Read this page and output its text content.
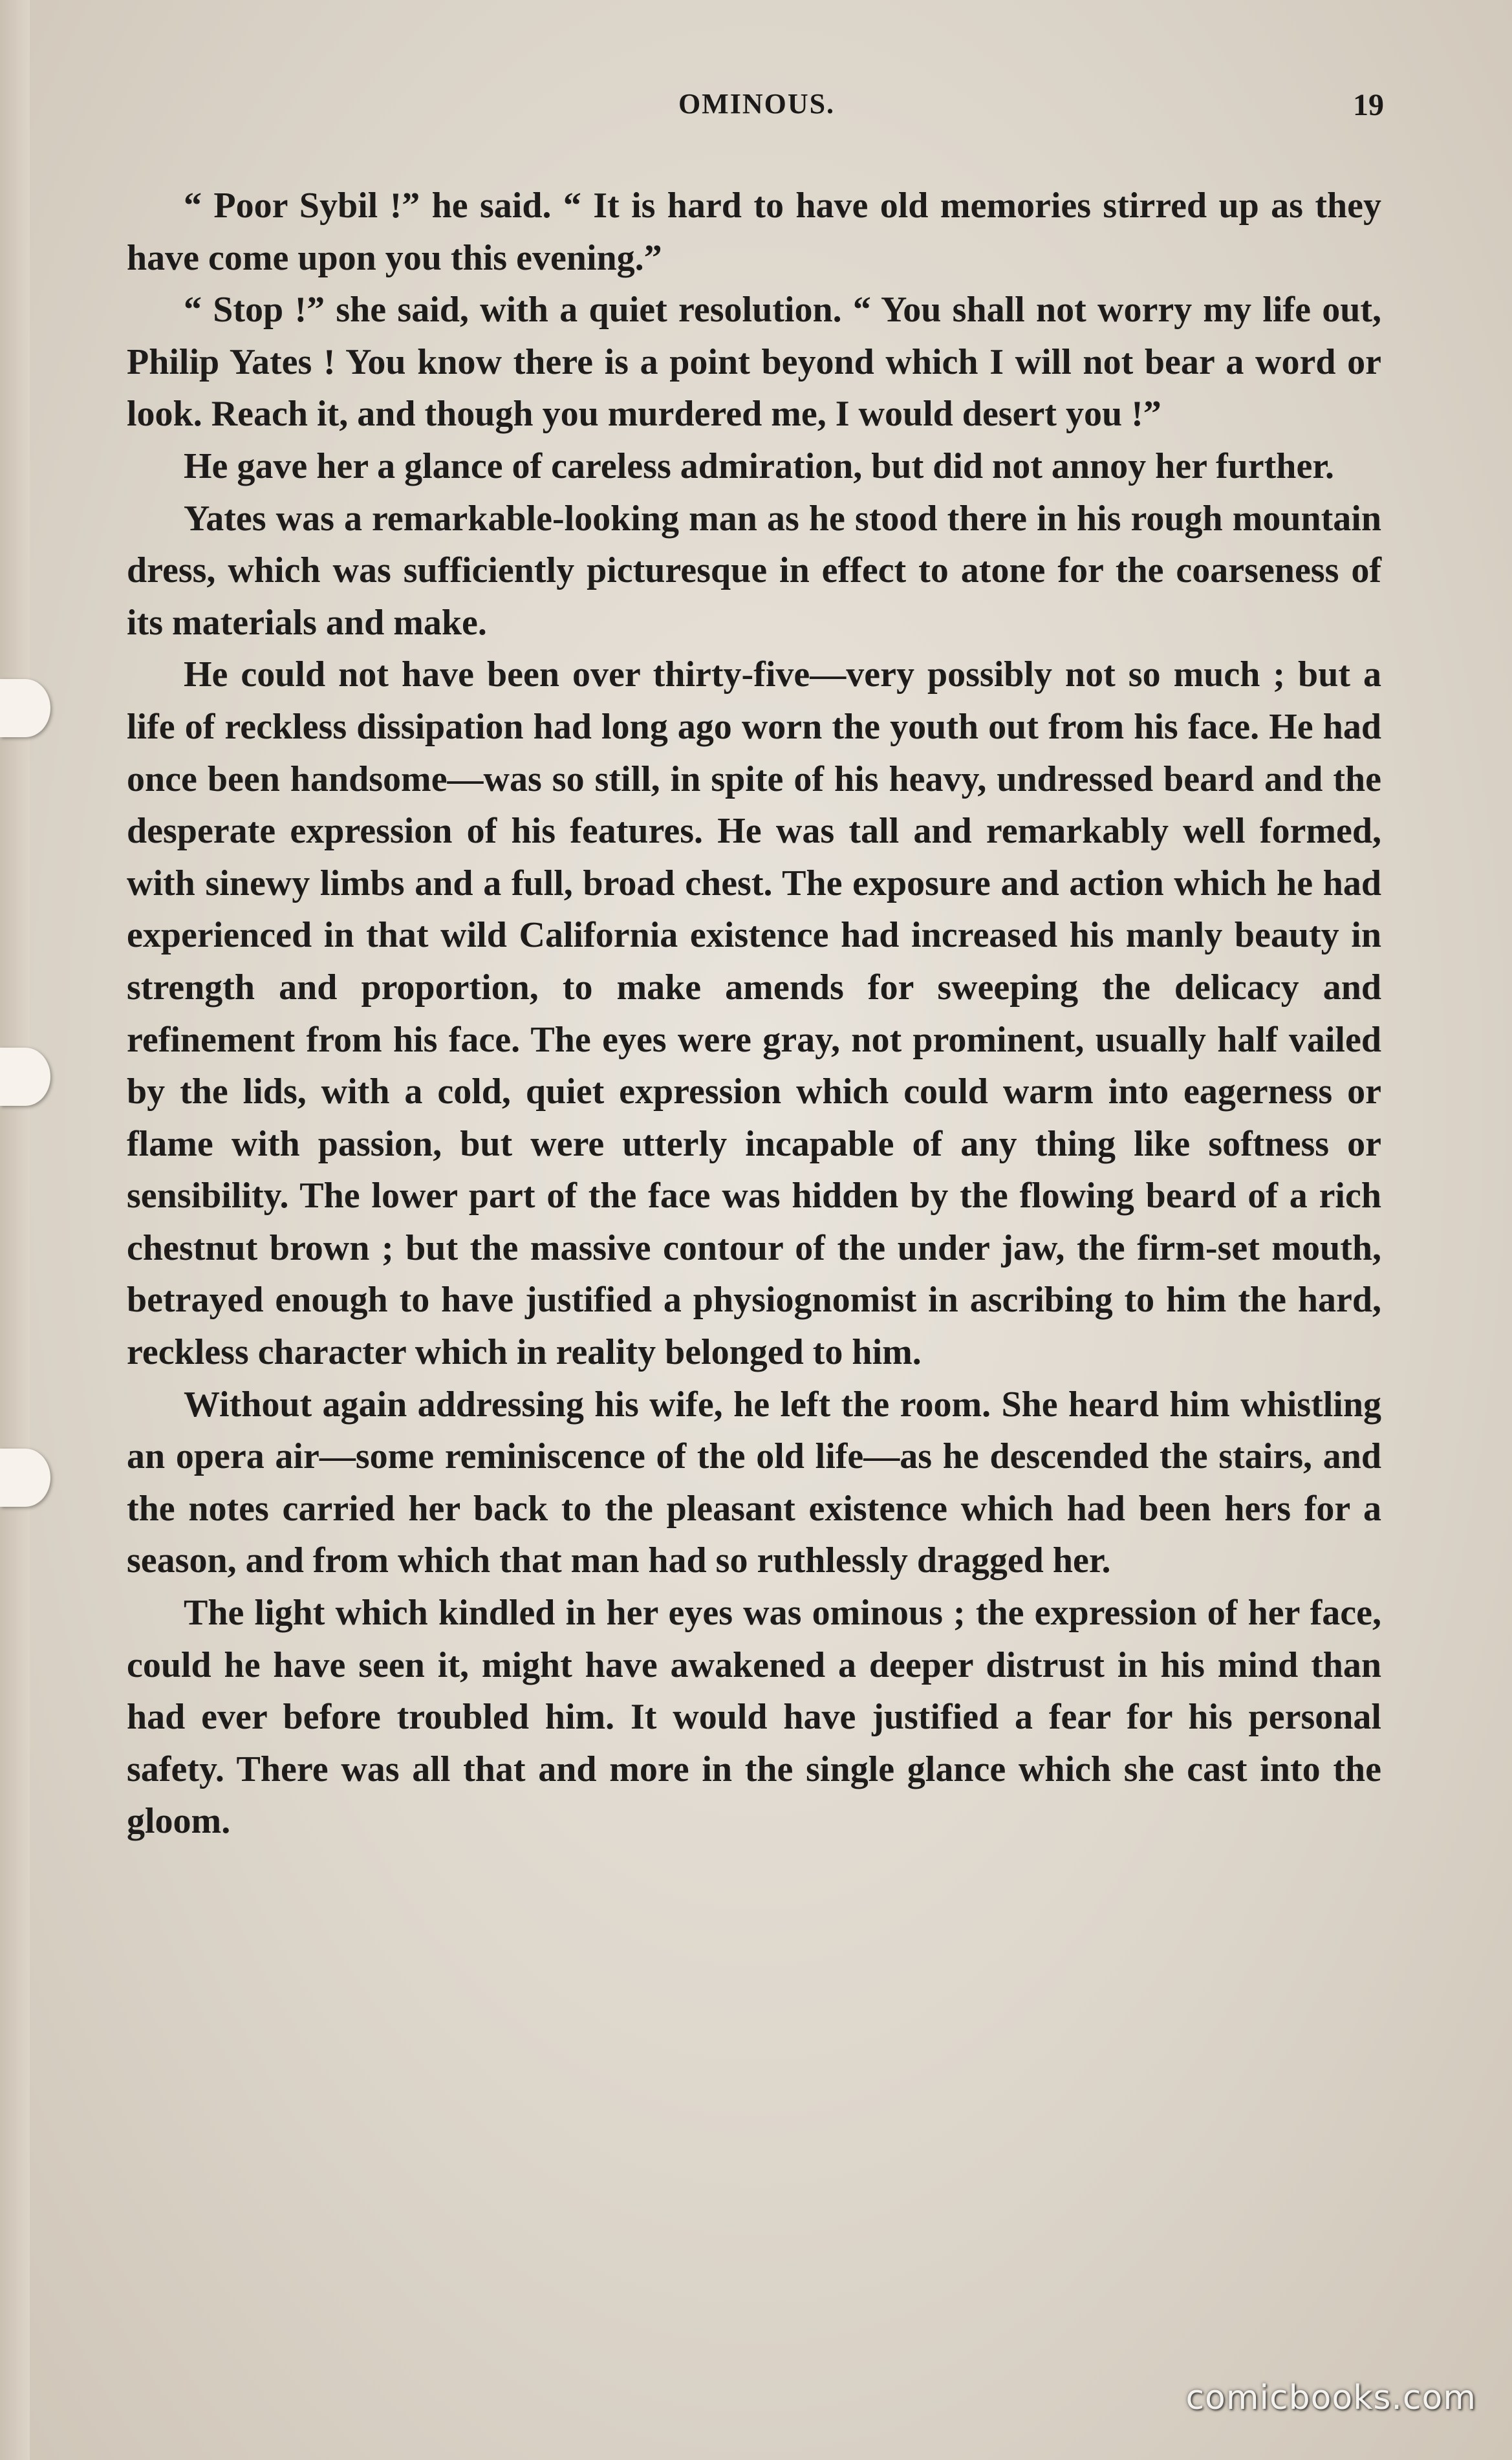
OMINOUS.	19

“ Poor Sybil !” he said. “ It is hard to have old memories stirred up as they have come upon you this evening.”

“ Stop !” she said, with a quiet resolution. “ You shall not worry my life out, Philip Yates ! You know there is a point beyond which I will not bear a word or look. Reach it, and though you murdered me, I would desert you !”

He gave her a glance of careless admiration, but did not annoy her further.

Yates was a remarkable-looking man as he stood there in his rough mountain dress, which was sufficiently picturesque in effect to atone for the coarseness of its materials and make.

He could not have been over thirty-five—very possibly not so much ; but a life of reckless dissipation had long ago worn the youth out from his face. He had once been handsome—was so still, in spite of his heavy, undressed beard and the desperate expression of his features. He was tall and remarkably well formed, with sinewy limbs and a full, broad chest. The exposure and action which he had experienced in that wild California existence had increased his manly beauty in strength and proportion, to make amends for sweeping the delicacy and refinement from his face. The eyes were gray, not prominent, usually half vailed by the lids, with a cold, quiet expression which could warm into eagerness or flame with passion, but were utterly incapable of any thing like softness or sensibility. The lower part of the face was hidden by the flowing beard of a rich chestnut brown ; but the massive contour of the under jaw, the firm-set mouth, betrayed enough to have justified a physiognomist in ascribing to him the hard, reckless character which in reality belonged to him.

Without again addressing his wife, he left the room. She heard him whistling an opera air—some reminiscence of the old life—as he descended the stairs, and the notes carried her back to the pleasant existence which had been hers for a season, and from which that man had so ruthlessly dragged her.

The light which kindled in her eyes was ominous ; the expression of her face, could he have seen it, might have awakened a deeper distrust in his mind than had ever before troubled him. It would have justified a fear for his personal safety. There was all that and more in the single glance which she cast into the gloom.

comicbooks.com
